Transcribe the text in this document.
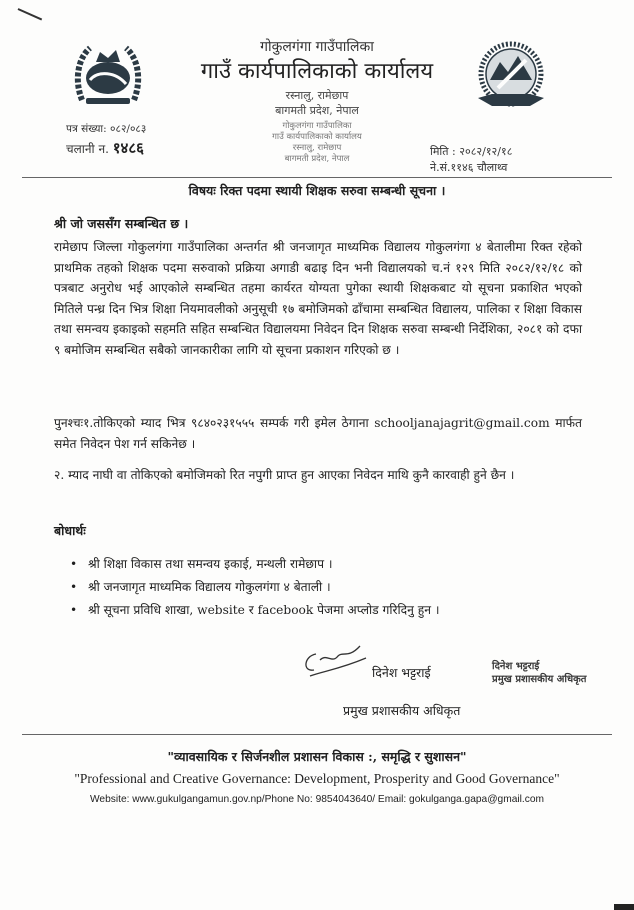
गोकुलगंगा गाउँपालिका
गाउँ कार्यपालिकाको कार्यालय
रस्नालु, रामेछाप
बागमती प्रदेश, नेपाल
गोकुलगंगा गाउँपालिका
गाउँ कार्यपालिकाको कार्यालय
रस्नालु, रामेछाप
बागमती प्रदेश, नेपाल
पत्र संख्या: ०८२/०८३
चलानी न. १४८६	मिति : २०८२/१२/१८
ने.सं.११४६ चौलाथ्व
विषयः रिक्त पदमा स्थायी शिक्षक सरुवा सम्बन्धी सूचना ।
श्री जो जससँग सम्बन्धित छ ।
रामेछाप जिल्ला गोकुलगंगा गाउँपालिका अन्तर्गत श्री जनजागृत माध्यमिक विद्यालय गोकुलगंगा ४ बेतालीमा रिक्त रहेको प्राथमिक तहको शिक्षक पदमा सरुवाको प्रक्रिया अगाडी बढाइ दिन भनी विद्यालयको च.नं १२९ मिति २०८२/१२/१८ को पत्रबाट अनुरोध भई आएकोले सम्बन्धित तहमा कार्यरत योग्यता पुगेका स्थायी शिक्षकबाट यो सूचना प्रकाशित भएको मितिले पन्ध्र दिन भित्र शिक्षा नियमावलीको अनुसूची १७ बमोजिमको ढाँचामा सम्बन्धित विद्यालय, पालिका र शिक्षा विकास तथा समन्वय इकाइको सहमति सहित सम्बन्धित विद्यालयमा निवेदन दिन शिक्षक सरुवा सम्बन्धी निर्देशिका, २०८१ को दफा ९ बमोजिम सम्बन्धित सबैको जानकारीका लागि यो सूचना प्रकाशन गरिएको छ ।
पुनश्चः१.तोकिएको म्याद भित्र ९८४०२३१५५५ सम्पर्क गरी इमेल ठेगाना schooljanajagrit@gmail.com मार्फत समेत निवेदन पेश गर्न सकिनेछ ।
२. म्याद नाघी वा तोकिएको बमोजिमको रित नपुगी प्राप्त हुन आएका निवेदन माथि कुनै कारवाही हुने छैन ।
बोधार्थः
• श्री शिक्षा विकास तथा समन्वय इकाई, मन्थली रामेछाप ।
• श्री जनजागृत माध्यमिक विद्यालय गोकुलगंगा ४ बेताली ।
• श्री सूचना प्रविधि शाखा, website र facebook पेजमा अप्लोड गरिदिनु हुन ।
दिनेश भट्टराई
प्रमुख प्रशासकीय अधिकृत
दिनेश भट्टराई
प्रमुख प्रशासकीय अधिकृत
"व्यावसायिक र सिर्जनशील प्रशासन विकास :, समृद्धि र सुशासन"
"Professional and Creative Governance: Development, Prosperity and Good Governance"
Website: www.gukulgangamun.gov.np/Phone No: 9854043640/ Email: gokulganga.gapa@gmail.com
